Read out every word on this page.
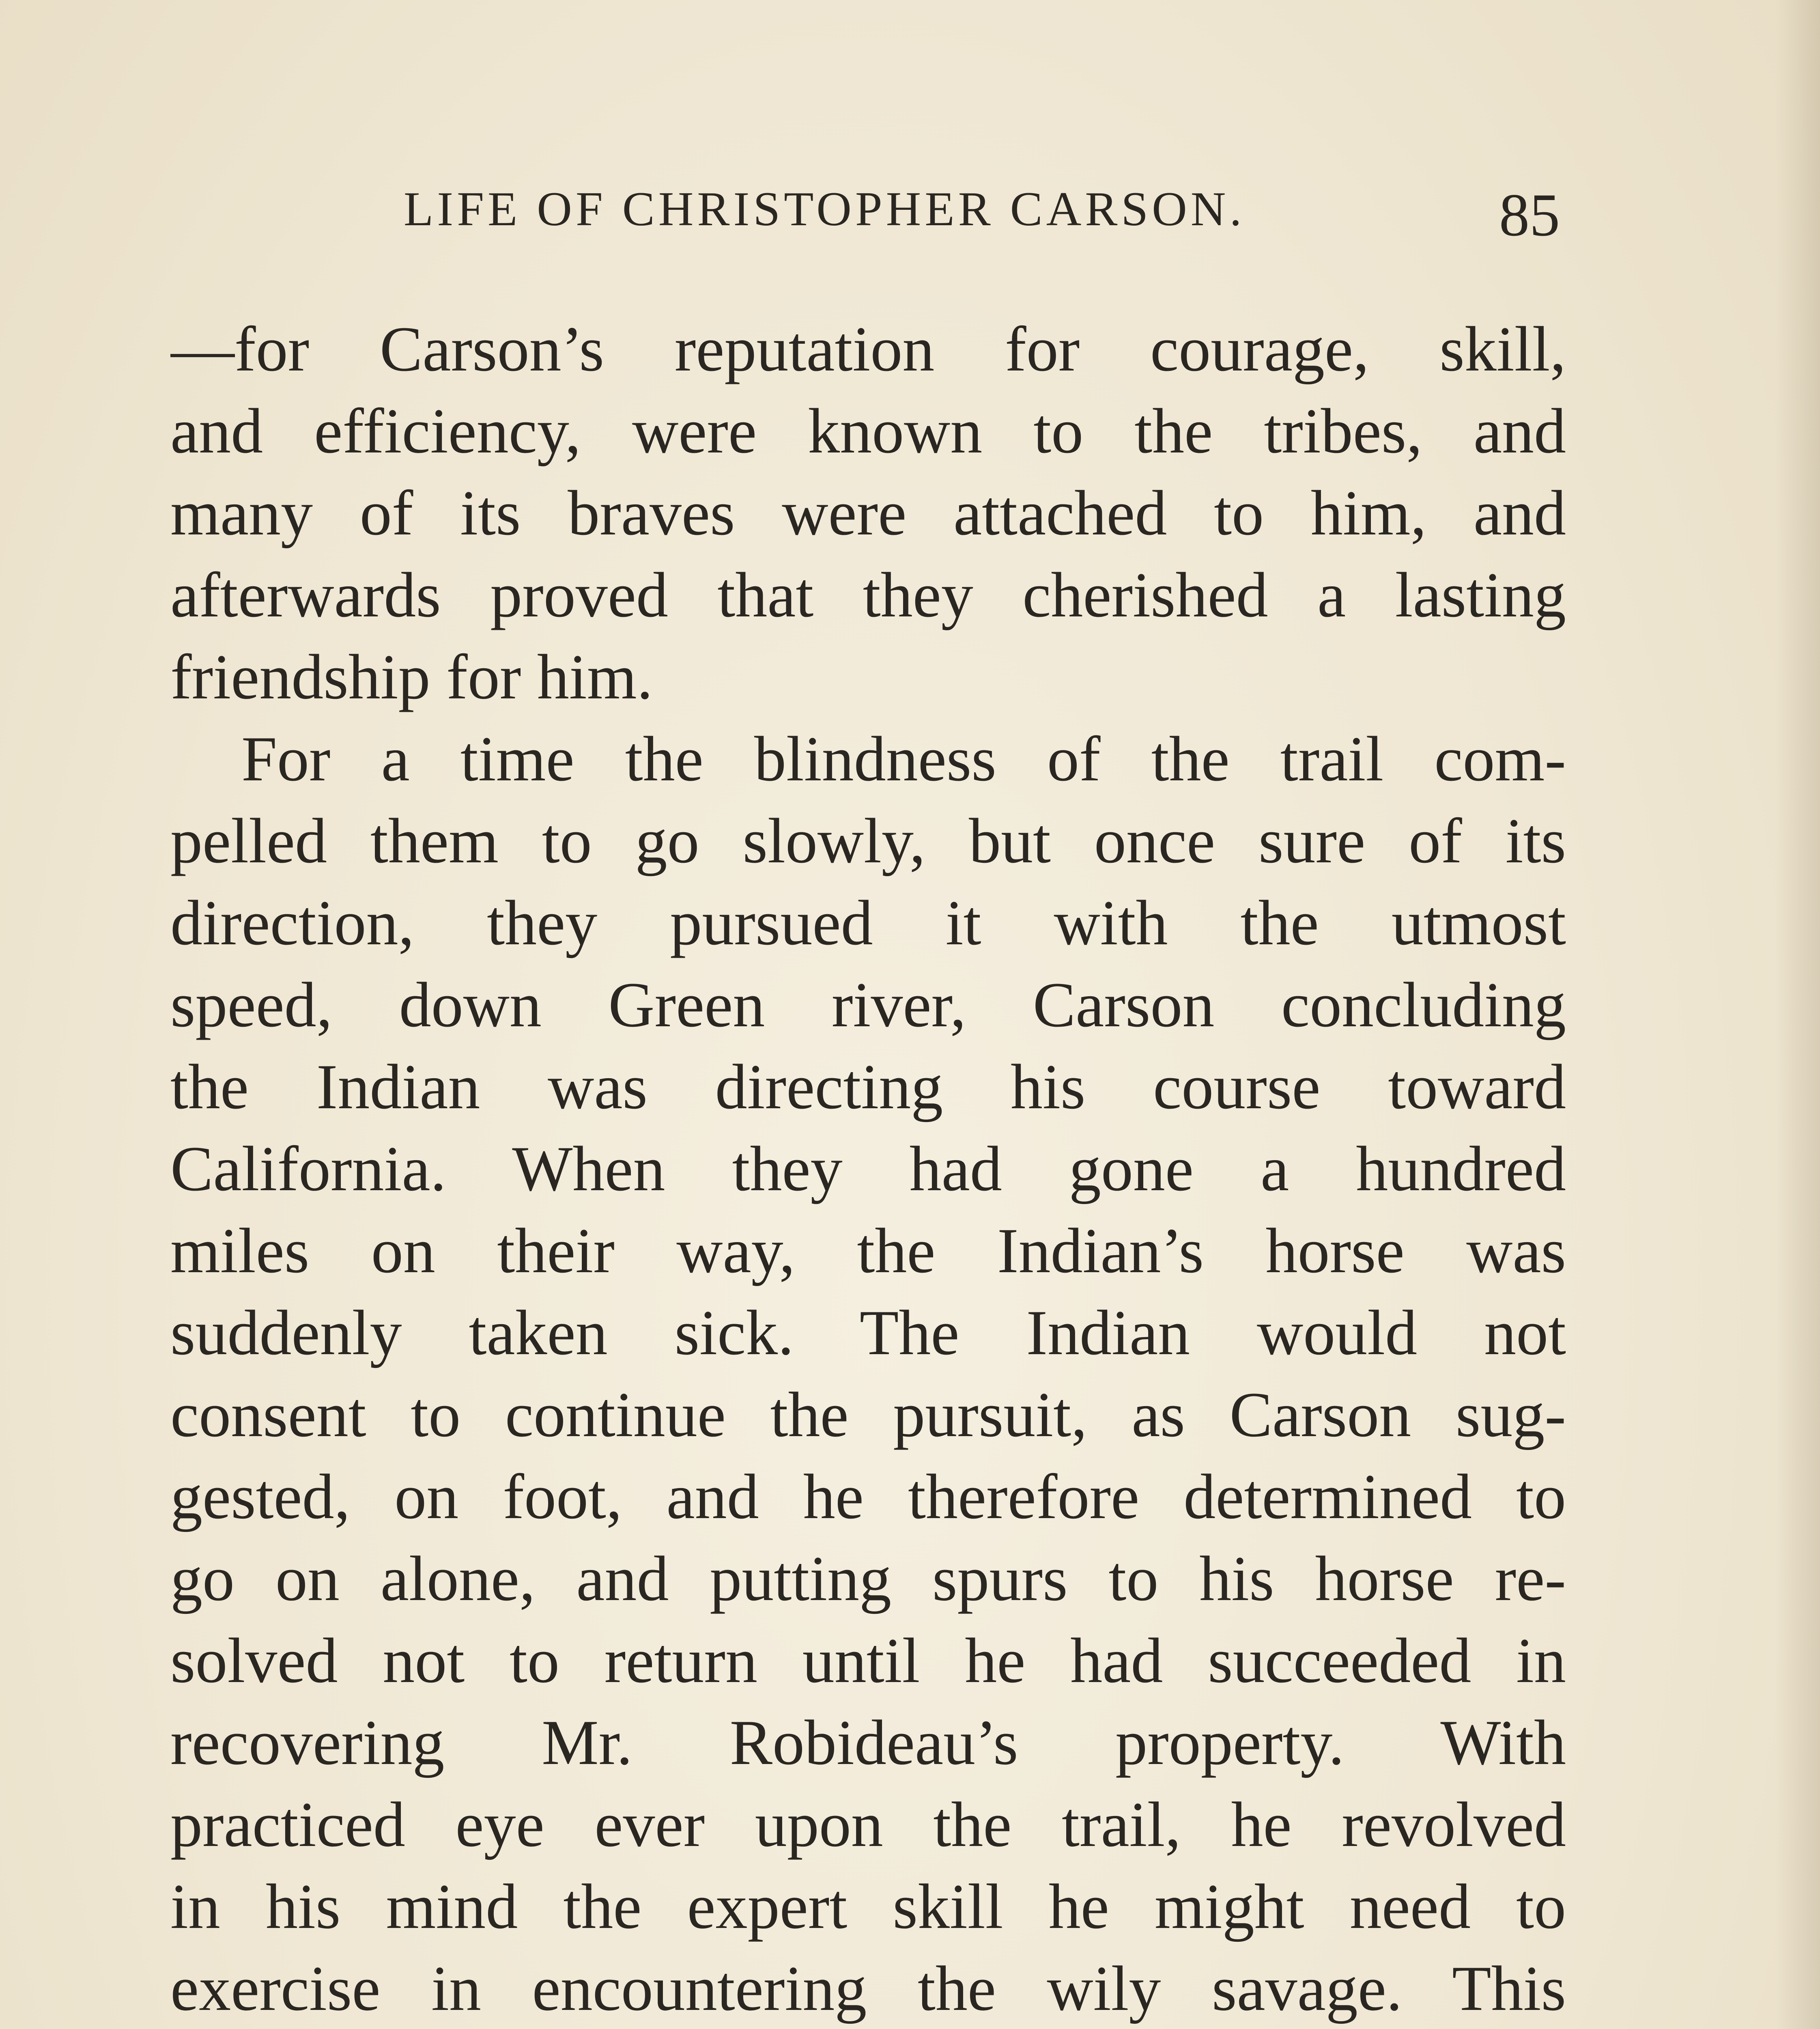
LIFE OF CHRISTOPHER CARSON.	85
—for Carson’s reputation for courage, skill,
and efficiency, were known to the tribes, and
many of its braves were attached to him, and
afterwards proved that they cherished a lasting
friendship for him.
For a time the blindness of the trail com-
pelled them to go slowly, but once sure of its
direction, they pursued it with the utmost
speed, down Green river, Carson concluding
the Indian was directing his course toward
California. When they had gone a hundred
miles on their way, the Indian’s horse was
suddenly taken sick. The Indian would not
consent to continue the pursuit, as Carson sug-
gested, on foot, and he therefore determined to
go on alone, and putting spurs to his horse re-
solved not to return until he had succeeded in
recovering Mr. Robideau’s property. With
practiced eye ever upon the trail, he revolved
in his mind the expert skill he might need to
exercise in encountering the wily savage. This
